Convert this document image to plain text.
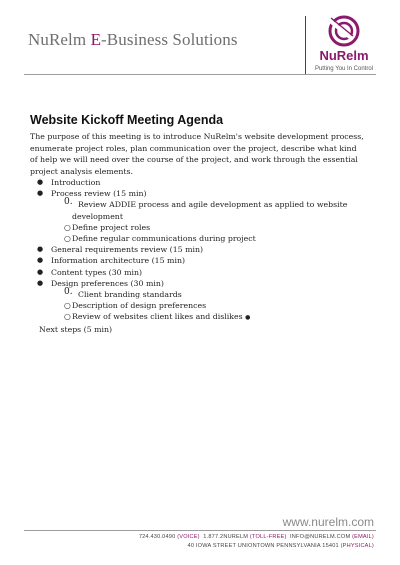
NuRelm E-Business Solutions
NuRelm
Putting You In Control
Website Kickoff Meeting Agenda
The purpose of this meeting is to introduce NuRelm's website development process, enumerate project roles, plan communication over the project, describe what kind of help we will need over the course of the project, and work through the essential project analysis elements.
● Introduction
● Process review (15 min)
0. Review ADDIE process and agile development as applied to website development
○ Define project roles
○ Define regular communications during project
● General requirements review (15 min)
● Information architecture (15 min)
● Content types (30 min)
● Design preferences (30 min)
0. Client branding standards
○ Description of design preferences
○ Review of websites client likes and dislikes ●
Next steps (5 min)
www.nurelm.com
724.430.0490 (VOICE) 1.877.2NURELM (TOLL-FREE) INFO@NURELM.COM (EMAIL)
40 IOWA STREET UNIONTOWN PENNSYLVANIA 15401 (PHYSICAL)
